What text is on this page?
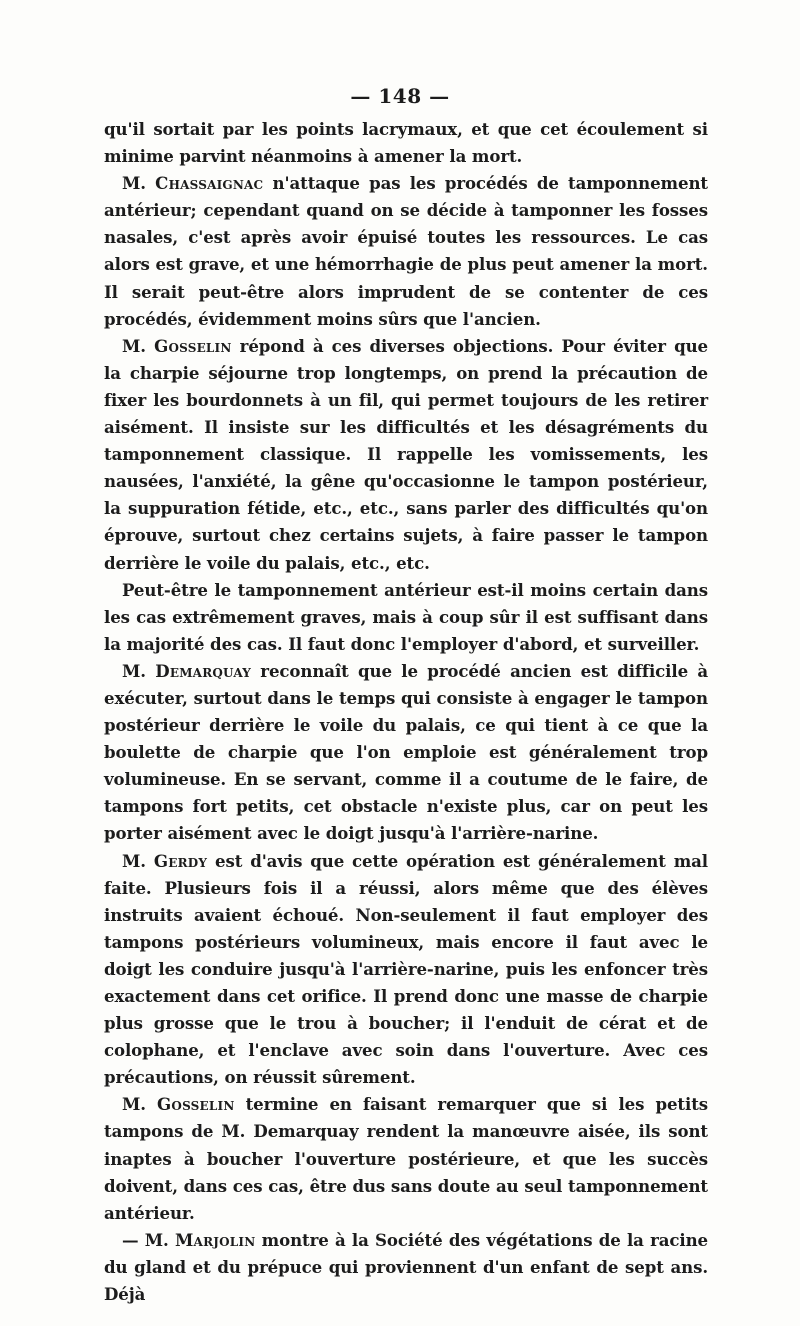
— 148 —

qu'il sortait par les points lacrymaux, et que cet écoulement si minime parvint néanmoins à amener la mort.

M. Chassaignac n'attaque pas les procédés de tamponnement antérieur; cependant quand on se décide à tamponner les fosses nasales, c'est après avoir épuisé toutes les ressources. Le cas alors est grave, et une hémorrhagie de plus peut amener la mort. Il serait peut-être alors imprudent de se contenter de ces procédés, évidemment moins sûrs que l'ancien.

M. Gosselin répond à ces diverses objections. Pour éviter que la charpie séjourne trop longtemps, on prend la précaution de fixer les bourdonnets à un fil, qui permet toujours de les retirer aisément. Il insiste sur les difficultés et les désagréments du tamponnement classique. Il rappelle les vomissements, les nausées, l'anxiété, la gêne qu'occasionne le tampon postérieur, la suppuration fétide, etc., etc., sans parler des difficultés qu'on éprouve, surtout chez certains sujets, à faire passer le tampon derrière le voile du palais, etc., etc.

Peut-être le tamponnement antérieur est-il moins certain dans les cas extrêmement graves, mais à coup sûr il est suffisant dans la majorité des cas. Il faut donc l'employer d'abord, et surveiller.

M. Demarquay reconnaît que le procédé ancien est difficile à exécuter, surtout dans le temps qui consiste à engager le tampon postérieur derrière le voile du palais, ce qui tient à ce que la boulette de charpie que l'on emploie est généralement trop volumineuse. En se servant, comme il a coutume de le faire, de tampons fort petits, cet obstacle n'existe plus, car on peut les porter aisément avec le doigt jusqu'à l'arrière-narine.

M. Gerdy est d'avis que cette opération est généralement mal faite. Plusieurs fois il a réussi, alors même que des élèves instruits avaient échoué. Non-seulement il faut employer des tampons postérieurs volumineux, mais encore il faut avec le doigt les conduire jusqu'à l'arrière-narine, puis les enfoncer très exactement dans cet orifice. Il prend donc une masse de charpie plus grosse que le trou à boucher; il l'enduit de cérat et de colophane, et l'enclave avec soin dans l'ouverture. Avec ces précautions, on réussit sûrement.

M. Gosselin termine en faisant remarquer que si les petits tampons de M. Demarquay rendent la manœuvre aisée, ils sont inaptes à boucher l'ouverture postérieure, et que les succès doivent, dans ces cas, être dus sans doute au seul tamponnement antérieur.

— M. Marjolin montre à la Société des végétations de la racine du gland et du prépuce qui proviennent d'un enfant de sept ans. Déjà
